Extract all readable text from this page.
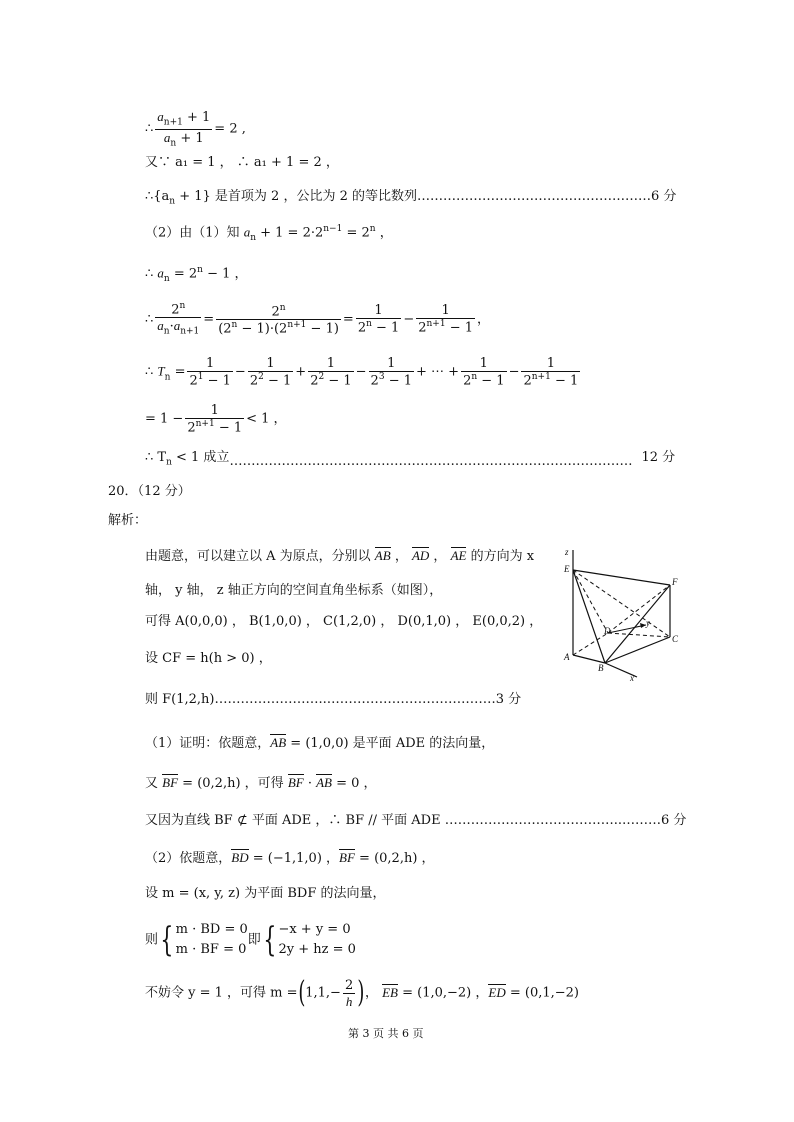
∴ $\frac{a_{n+1} + 1}{a_n + 1} = 2$ ,
又∵ a₁ = 1 ， ∴ a₁ + 1 = 2 ，
$\therefore\{a_n + 1\}$ 是首项为 2 ，公比为 2 的等比数列………………………………………………6 分
（2）由（1）知 $a_n + 1 = 2\cdot 2^{n-1} = 2^n$ ，
∴ $a_n = 2^n - 1$ ，
∴ $\frac{2^n}{a_n\cdot a_{n+1}} = \frac{2^n}{(2^n - 1)\cdot(2^{n+1} - 1)} = \frac{1}{2^n - 1} - \frac{1}{2^{n+1} - 1}$ ，
∴ $T_n = \frac{1}{2^1 - 1} - \frac{1}{2^2 - 1} + \frac{1}{2^2 - 1} - \frac{1}{2^3 - 1}$ + ⋯ + $\frac{1}{2^n - 1} - \frac{1}{2^{n+1} - 1}$
= $1 - \frac{1}{2^{n+1} - 1} < 1$ ，
∴ $T_n < 1$ 成立………………………………………………………………………………… 12 分
20．（12 分）
解析：
由题意，可以建立以 A 为原点，分别以 AB ， AD ， AE 的方向为 x
轴， y 轴， z 轴正方向的空间直角坐标系（如图），
可得 A(0,0,0) ， B(1,0,0) ， C(1,2,0) ， D(0,1,0) ， E(0,0,2) ，
设 CF = h(h > 0) ，
则 F(1,2,h)……………………..…………………………………3 分
（1）证明：依题意，AB = (1,0,0) 是平面 ADE 的法向量，
又 BF = (0,2,h) ，可得 BF · AB = 0 ，
又因为直线 BF ⊄ 平面 ADE ，∴ BF // 平面 ADE …………………………………..………6 分
（2）依题意，BD = (−1,1,0) ，BF = (0,2,h) ，
设 m = (x, y, z) 为平面 BDF 的法向量，
则{ m · BD = 0
m · BF = 0
即{ −x + y = 0
2y + hz = 0
不妨令 y = 1 ，可得 $m =(1,1,- \frac{2}{h}$ )， EB = (1,0,−2) ，ED = (0,1,−2)
第 3 页 共 6 页
z
E
F
D
y
C
A
B
x
